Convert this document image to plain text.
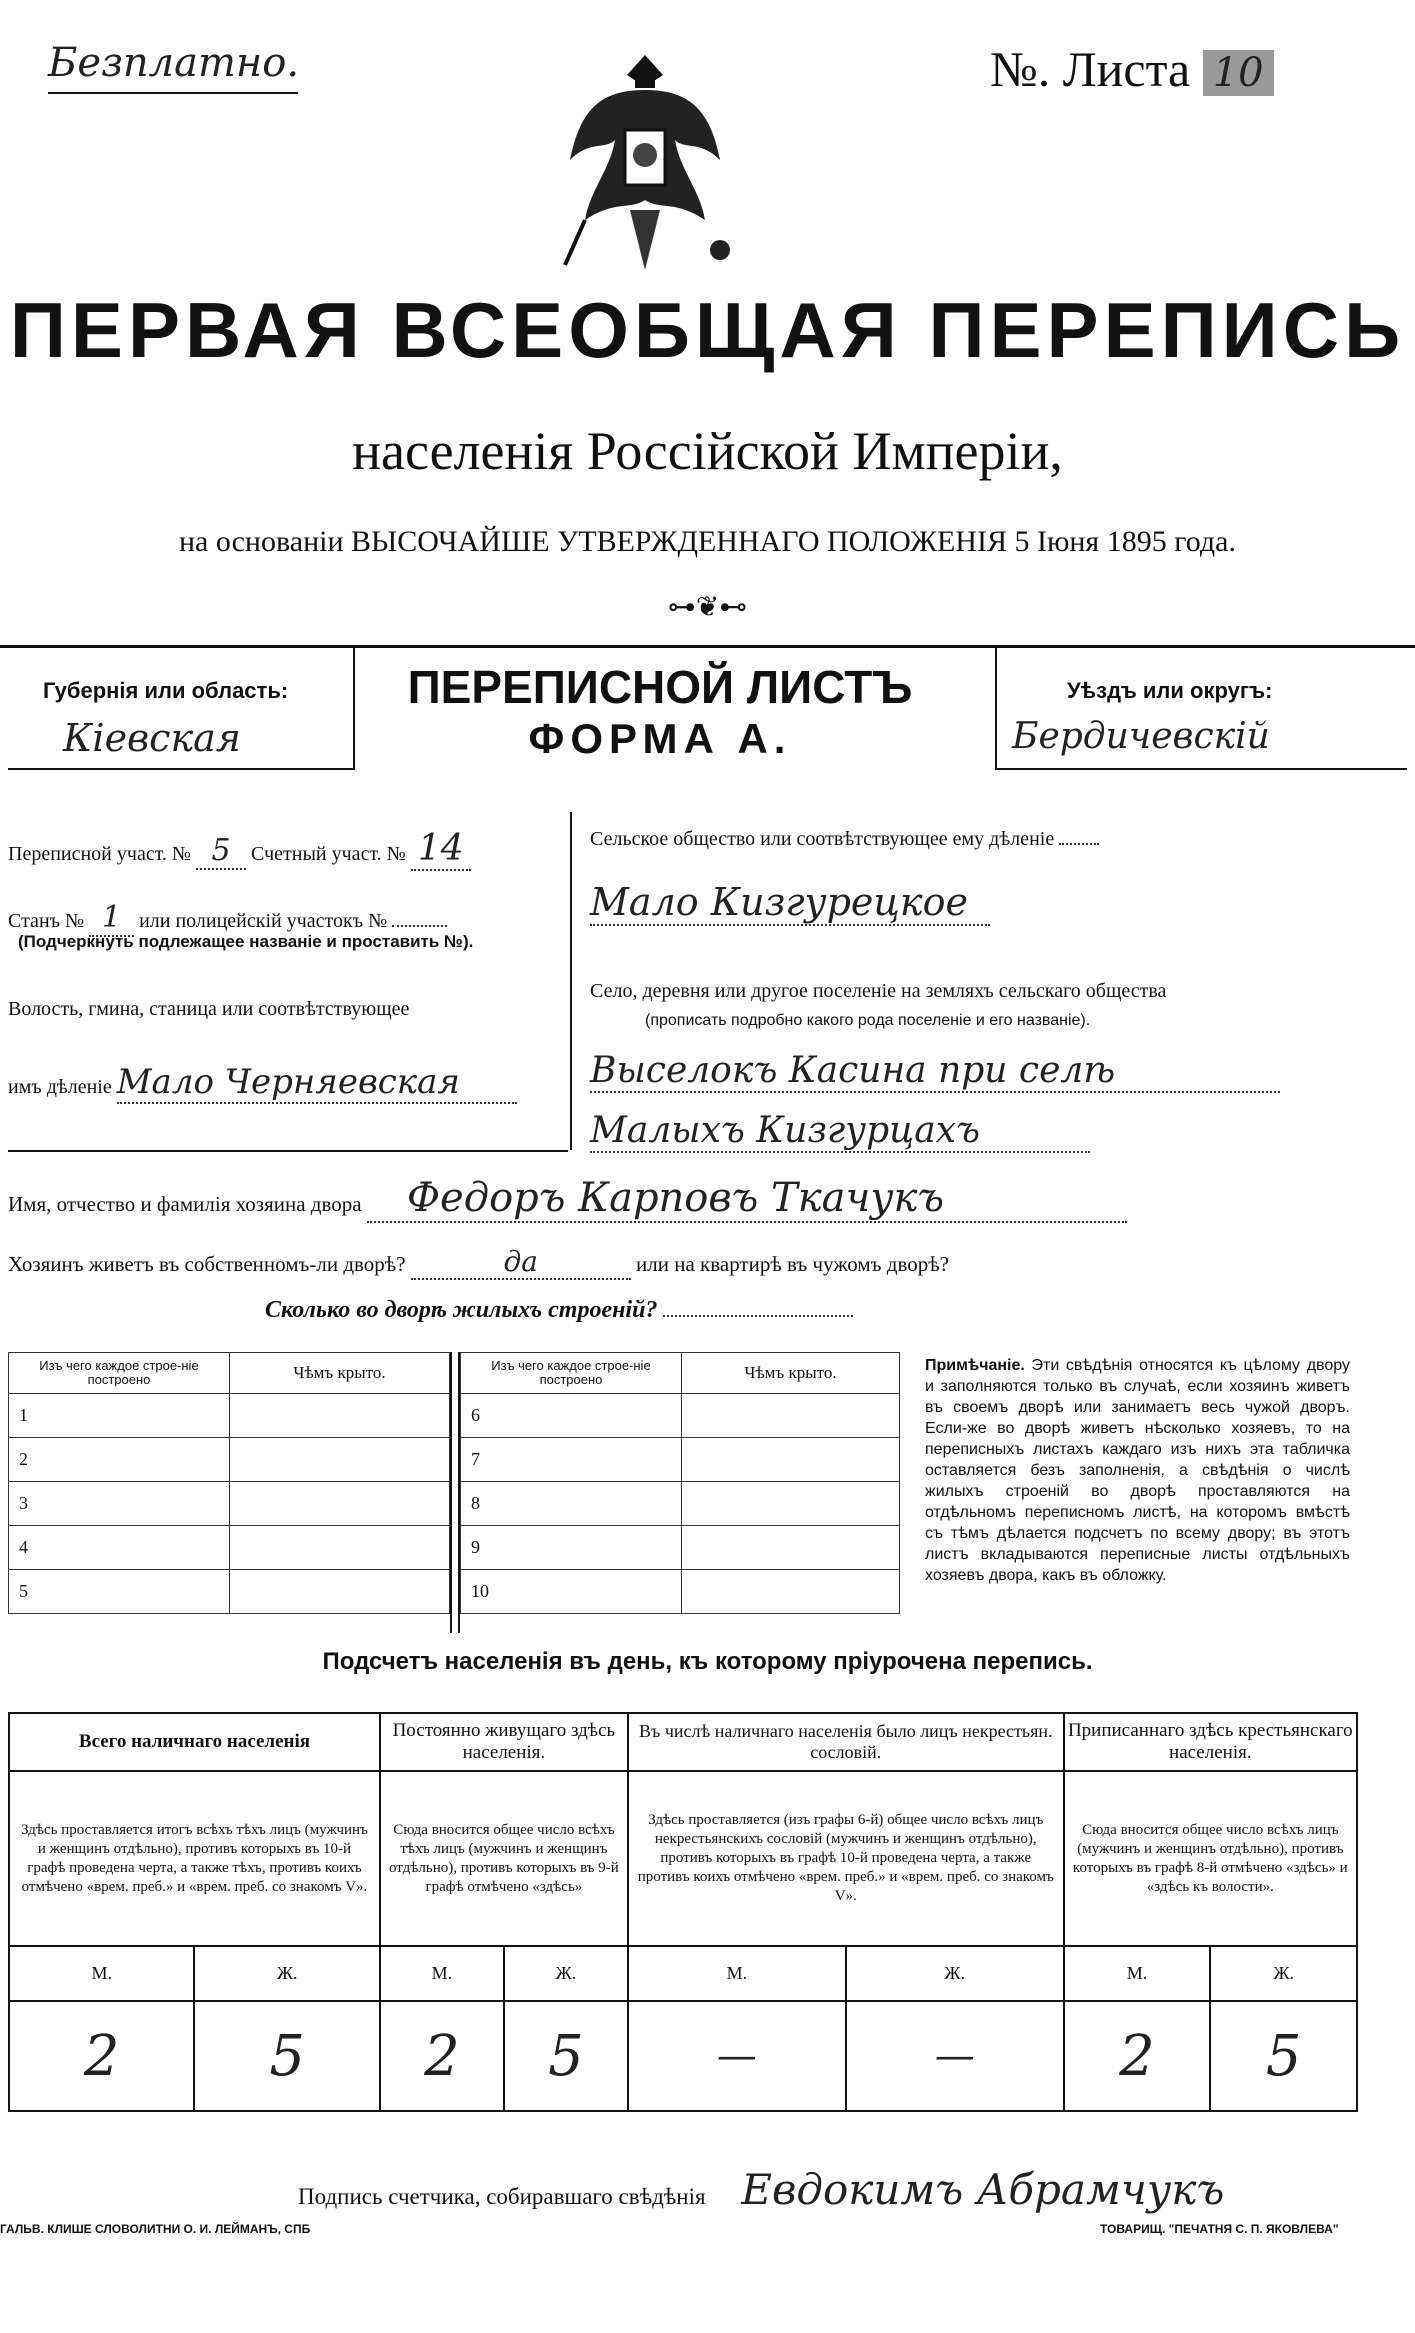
Безплатно.	№. Листа 10
ПЕРВАЯ ВСЕОБЩАЯ ПЕРЕПИСЬ
населенія Россійской Имперіи,
на основаніи ВЫСОЧАЙШЕ УТВЕРЖДЕННАГО ПОЛОЖЕНІЯ 5 Іюня 1895 года.
⊶❦⊷
Губернія или область:
Кіевская
ПЕРЕПИСНОЙ ЛИСТЪ
ФОРМА А.
Уѣздъ или округъ:
Бердичевскій
Переписной участ. № 5 Счетный участ. № 14
Станъ № 1 или полицейскій участокъ №
(Подчеркнуть подлежащее названіе и проставить №).
Волость, гмина, станица или соотвѣтствующее
имъ дѣленіе Мало Черняевская
Сельское общество или соотвѣтствующее ему дѣленіе
Мало Кизгурецкое
Село, деревня или другое поселеніе на земляхъ сельскаго общества
(прописать подробно какого рода поселеніе и его названіе).
Выселокъ Касина при селѣ
Малыхъ Кизгурцахъ
Имя, отчество и фамилія хозяина двора Федоръ Карповъ Ткачукъ
Хозяинъ живетъ въ собственномъ-ли дворѣ?	да	или на квартирѣ въ чужомъ дворѣ?
Сколько во дворѣ жилыхъ строеній?
Изъ чего каждое строе-ніе построено	Чѣмъ крыто.
1	
2	
3	
4	
5	
Изъ чего каждое строе-ніе построено	Чѣмъ крыто.
6	
7	
8	
9	
10	
Примѣчаніе. Эти свѣдѣнія относятся къ цѣлому двору и заполняются только въ случаѣ, если хозяинъ живетъ въ своемъ дворѣ или занимаетъ весь чужой дворъ. Если-же во дворѣ живетъ нѣсколько хозяевъ, то на переписныхъ листахъ каждаго изъ нихъ эта табличка оставляется безъ заполненія, а свѣдѣнія о числѣ жилыхъ строеній во дворѣ проставляются на отдѣльномъ переписномъ листѣ, на которомъ вмѣстѣ съ тѣмъ дѣлается подсчетъ по всему двору; въ этотъ листъ вкладываются переписные листы отдѣльныхъ хозяевъ двора, какъ въ обложку.
Подсчетъ населенія въ день, къ которому пріурочена перепись.
Всего наличнаго населенія		Постоянно живущаго здѣсь населенія.		Въ числѣ наличнаго населенія было лицъ некрестьян. сословій.		Приписаннаго здѣсь крестьянскаго населенія.	
Здѣсь проставляется итогъ всѣхъ тѣхъ лицъ (мужчинъ и женщинъ отдѣльно), противъ которыхъ въ 10-й графѣ проведена черта, а также тѣхъ, противъ коихъ отмѣчено «врем. преб.» и «врем. преб. со знакомъ V».		Сюда вносится общее число всѣхъ тѣхъ лицъ (мужчинъ и женщинъ отдѣльно), противъ которыхъ въ 9-й графѣ отмѣчено «здѣсь»		Здѣсь проставляется (изъ графы 6-й) общее число всѣхъ лицъ некрестьянскихъ сословій (мужчинъ и женщинъ отдѣльно), противъ которыхъ въ графѣ 10-й проведена черта, а также противъ коихъ отмѣчено «врем. преб.» и «врем. преб. со знакомъ V».		Сюда вносится общее число всѣхъ лицъ (мужчинъ и женщинъ отдѣльно), противъ которыхъ въ графѣ 8-й отмѣчено «здѣсь» и «здѣсь къ волости».	
М.	Ж.	М.	Ж.	М.	Ж.	М.	Ж.
2	5	2	5	—	—	2	5
Подпись счетчика, собиравшаго свѣдѣнія Евдокимъ Абрамчукъ
ГАЛЬВ. КЛИШЕ СЛОВОЛИТНИ О. И. ЛЕЙМАНЪ, СПБ	ТОВАРИЩ. "ПЕЧАТНЯ С. П. ЯКОВЛЕВА"
